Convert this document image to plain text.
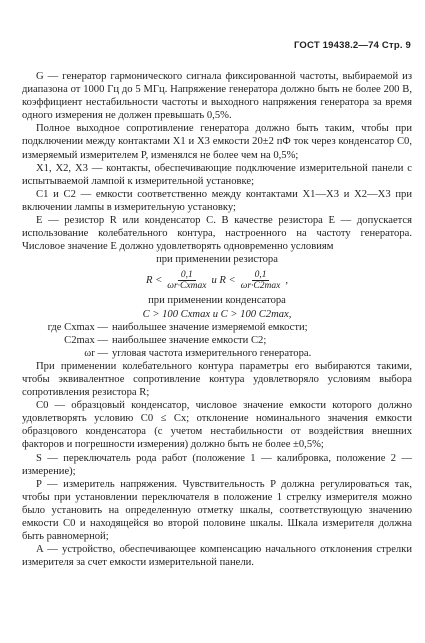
ГОСТ 19438.2—74 Стр. 9

G — генератор гармонического сигнала фиксированной частоты, выбираемой из диапазона от 1000 Гц до 5 МГц. Напряжение генератора должно быть не более 200 В, коэффициент нестабильности частоты и выходного напряжения генератора за время одного измерения не должен превышать 0,5%.

Полное выходное сопротивление генератора должно быть таким, чтобы при подключении между контактами X1 и X3 емкости 20±2 пФ ток через конденсатор C0, измеряемый измерителем P, изменялся не более чем на 0,5%;

X1, X2, X3 — контакты, обеспечивающие подключение измерительной панели с испытываемой лампой к измерительной установке;

C1 и C2 — емкости соответственно между контактами X1—X3 и X2—X3 при включении лампы в измерительную установку;

E — резистор R или конденсатор C. В качестве резистора E — допускается использование колебательного контура, настроенного на частоту генератора. Числовое значение E должно удовлетворять одновременно условиям

при применении резистора

$R < \frac{0,1}{\omega r\cdot Cxmax}$ и $R < \frac{0,1}{\omega r\cdot C2\max}$ ,

при применении конденсатора

C > 100 Cxmax и C > 100 C2max,

где Cxmax — наибольшее значение измеряемой емкости;
C2max — наибольшее значение емкости C2;
ωr — угловая частота измерительного генератора.

При применении колебательного контура параметры его выбираются такими, чтобы эквивалентное сопротивление контура удовлетворяло условиям выбора сопротивления резистора R;

C0 — образцовый конденсатор, числовое значение емкости которого должно удовлетворять условию C0 ≤ Cx; отклонение номинального значения емкости образцового конденсатора (с учетом нестабильности от воздействия внешних факторов и погрешности измерения) должно быть не более ±0,5%;

S — переключатель рода работ (положение 1 — калибровка, положение 2 — измерение);

P — измеритель напряжения. Чувствительность P должна регулироваться так, чтобы при установлении переключателя в положение 1 стрелку измерителя можно было установить на определенную отметку шкалы, соответствующую значению емкости C0 и находящейся во второй половине шкалы. Шкала измерителя должна быть равномерной;

A — устройство, обеспечивающее компенсацию начального отклонения стрелки измерителя за счет емкости измерительной панели.
